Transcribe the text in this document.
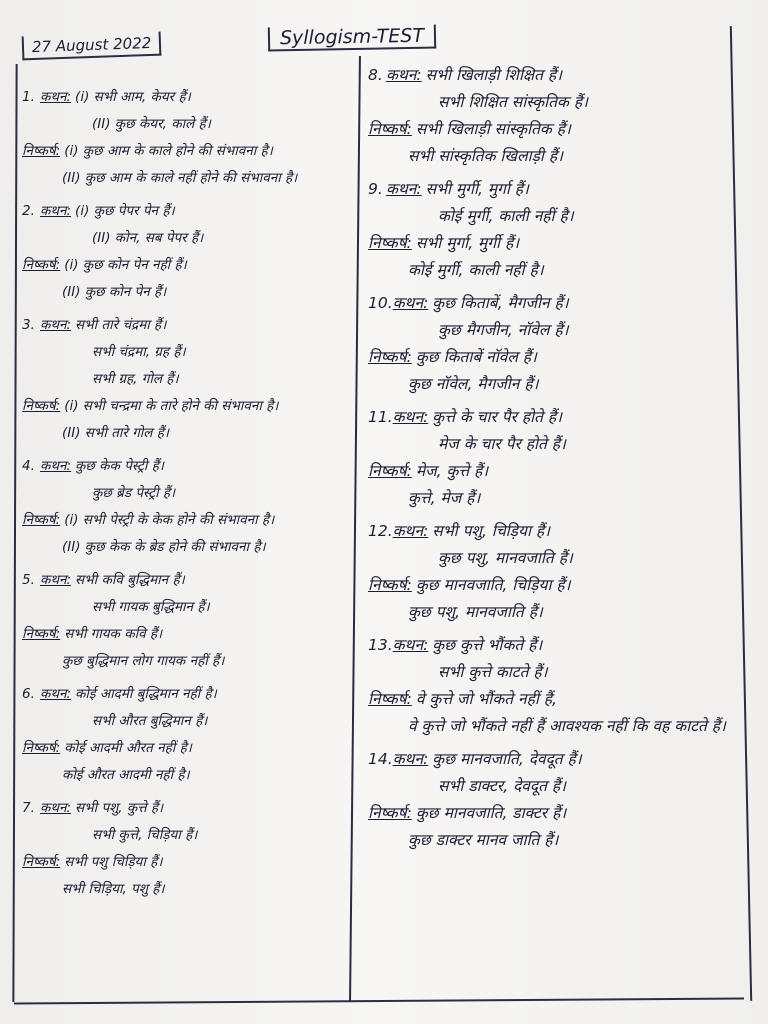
27 August 2022	Syllogism-TEST
1.कथन: (i) सभी आम, केयर हैं।
(II) कुछ केयर, काले हैं।
निष्कर्ष: (i) कुछ आम के काले होने की संभावना है।
(II) कुछ आम के काले नहीं होने की संभावना है।
2.कथन: (i) कुछ पेपर पेन हैं।
(II) कोन, सब पेपर हैं।
निष्कर्ष: (i) कुछ कोन पेन नहीं हैं।
(II) कुछ कोन पेन हैं।
3.कथन: सभी तारे चंद्रमा हैं।
सभी चंद्रमा, ग्रह हैं।
सभी ग्रह, गोल हैं।
निष्कर्ष: (i) सभी चन्द्रमा के तारे होने की संभावना है।
(II) सभी तारे गोल हैं।
4.कथन: कुछ केक पेस्ट्री हैं।
कुछ ब्रेड पेस्ट्री हैं।
निष्कर्ष: (i) सभी पेस्ट्री के केक होने की संभावना है।
(II) कुछ केक के ब्रेड होने की संभावना है।
5.कथन: सभी कवि बुद्धिमान हैं।
सभी गायक बुद्धिमान हैं।
निष्कर्ष: सभी गायक कवि हैं।
कुछ बुद्धिमान लोग गायक नहीं हैं।
6.कथन: कोई आदमी बुद्धिमान नहीं है।
सभी औरत बुद्धिमान हैं।
निष्कर्ष: कोई आदमी औरत नहीं है।
कोई औरत आदमी नहीं है।
7.कथन: सभी पशु, कुत्ते हैं।
सभी कुत्ते, चिड़िया हैं।
निष्कर्ष: सभी पशु चिड़िया हैं।
सभी चिड़िया, पशु हैं।
8.कथन: सभी खिलाड़ी शिक्षित हैं।
सभी शिक्षित सांस्कृतिक हैं।
निष्कर्ष: सभी खिलाड़ी सांस्कृतिक हैं।
सभी सांस्कृतिक खिलाड़ी हैं।
9.कथन: सभी मुर्गी, मुर्गा हैं।
कोई मुर्गी, काली नहीं है।
निष्कर्ष: सभी मुर्गा, मुर्गी हैं।
कोई मुर्गी, काली नहीं है।
10.कथन: कुछ किताबें, मैगजीन हैं।
कुछ मैगजीन, नॉवेल हैं।
निष्कर्ष: कुछ किताबें नॉवेल हैं।
कुछ नॉवेल, मैगजीन हैं।
11.कथन: कुत्ते के चार पैर होते हैं।
मेज के चार पैर होते हैं।
निष्कर्ष: मेज, कुत्ते हैं।
कुत्ते, मेज हैं।
12.कथन: सभी पशु, चिड़िया हैं।
कुछ पशु, मानवजाति हैं।
निष्कर्ष: कुछ मानवजाति, चिड़िया हैं।
कुछ पशु, मानवजाति हैं।
13.कथन: कुछ कुत्ते भौंकते हैं।
सभी कुत्ते काटते हैं।
निष्कर्ष: वे कुत्ते जो भौंकते नहीं हैं,
वे कुत्ते जो भौंकते नहीं हैं आवश्यक नहीं कि वह काटते हैं।
14.कथन: कुछ मानवजाति, देवदूत हैं।
सभी डाक्टर, देवदूत हैं।
निष्कर्ष: कुछ मानवजाति, डाक्टर हैं।
कुछ डाक्टर मानव जाति हैं।
